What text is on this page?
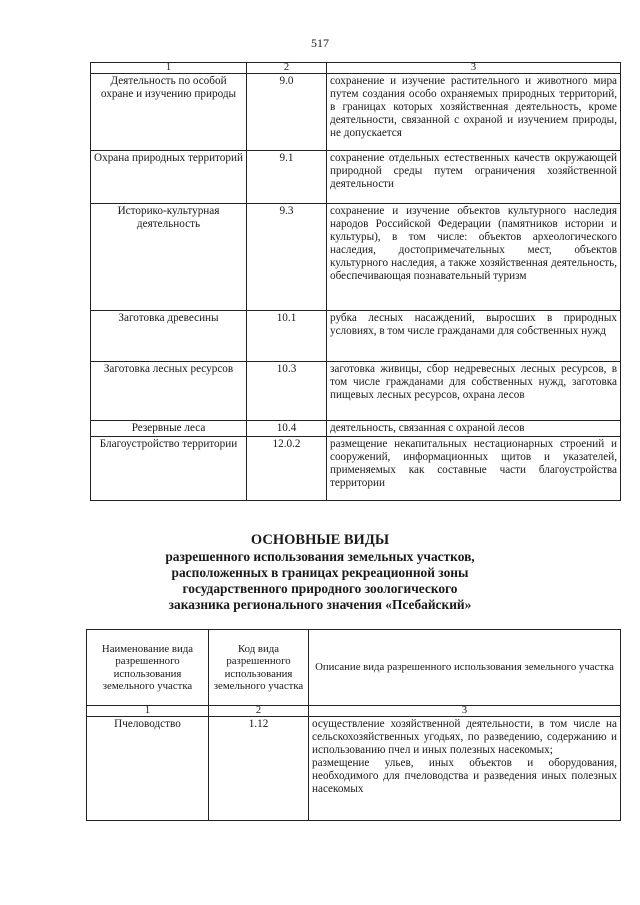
517
1	2	3
Деятельность по особой охране и изучению природы	9.0	сохранение и изучение растительного и животного мира путем создания особо охраняемых природных территорий, в границах которых хозяйственная деятельность, кроме деятельности, связанной с охраной и изучением природы, не допускается
Охрана природных территорий	9.1	сохранение отдельных естественных качеств окружающей природной среды путем ограничения хозяйственной деятельности
Историко-культурная деятельность	9.3	сохранение и изучение объектов культурного наследия народов Российской Федерации (памятников истории и культуры), в том числе: объектов археологического наследия, достопримечательных мест, объектов культурного наследия, а также хозяйственная деятельность, обеспечивающая познавательный туризм
Заготовка древесины	10.1	рубка лесных насаждений, выросших в природных условиях, в том числе гражданами для собственных нужд
Заготовка лесных ресурсов	10.3	заготовка живицы, сбор недревесных лесных ресурсов, в том числе гражданами для собственных нужд, заготовка пищевых лесных ресурсов, охрана лесов
Резервные леса	10.4	деятельность, связанная с охраной лесов
Благоустройство территории	12.0.2	размещение некапитальных нестационарных строений и сооружений, информационных щитов и указателей, применяемых как составные части благоустройства территории
ОСНОВНЫЕ ВИДЫ
разрешенного использования земельных участков,
расположенных в границах рекреационной зоны
государственного природного зоологического
заказника регионального значения «Псебайский»
Наименование вида разрешенного использования земельного участка	Код вида разрешенного использования земельного участка	Описание вида разрешенного использования земельного участка
1	2	3
Пчеловодство	1.12	осуществление хозяйственной деятельности, в том числе на сельскохозяйственных угодьях, по разведению, содержанию и использованию пчел и иных полезных насекомых;
размещение ульев, иных объектов и оборудования, необходимого для пчеловодства и разведения иных полезных насекомых
